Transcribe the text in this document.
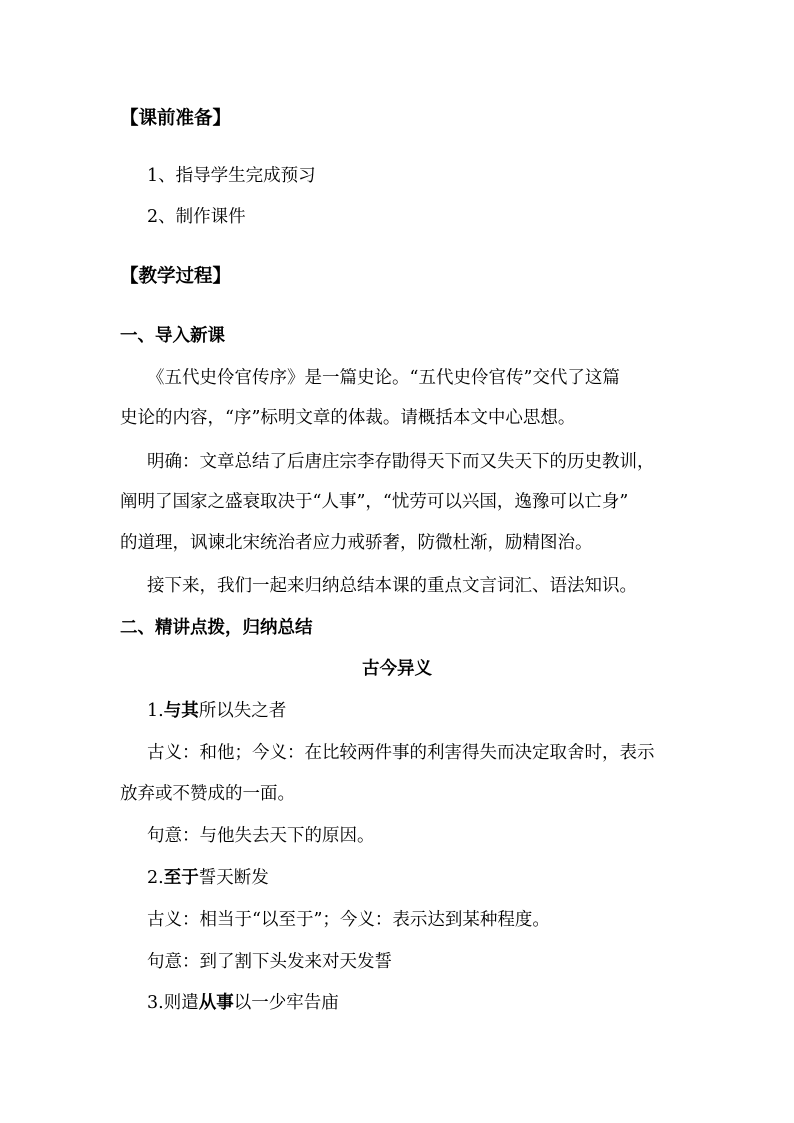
【课前准备】
1、指导学生完成预习
2、制作课件
【教学过程】
一、导入新课
《五代史伶官传序》是一篇史论。“五代史伶官传”交代了这篇
史论的内容，“序”标明文章的体裁。请概括本文中心思想。
明确：文章总结了后唐庄宗李存勖得天下而又失天下的历史教训，
阐明了国家之盛衰取决于“人事”，“忧劳可以兴国，逸豫可以亡身”
的道理，讽谏北宋统治者应力戒骄奢，防微杜渐，励精图治。
接下来，我们一起来归纳总结本课的重点文言词汇、语法知识。
二、精讲点拨，归纳总结
古今异义
1.与其所以失之者
古义：和他；今义：在比较两件事的利害得失而决定取舍时，表示
放弃或不赞成的一面。
句意：与他失去天下的原因。
2.至于誓天断发
古义：相当于“以至于”；今义：表示达到某种程度。
句意：到了割下头发来对天发誓
3.则遣从事以一少牢告庙
